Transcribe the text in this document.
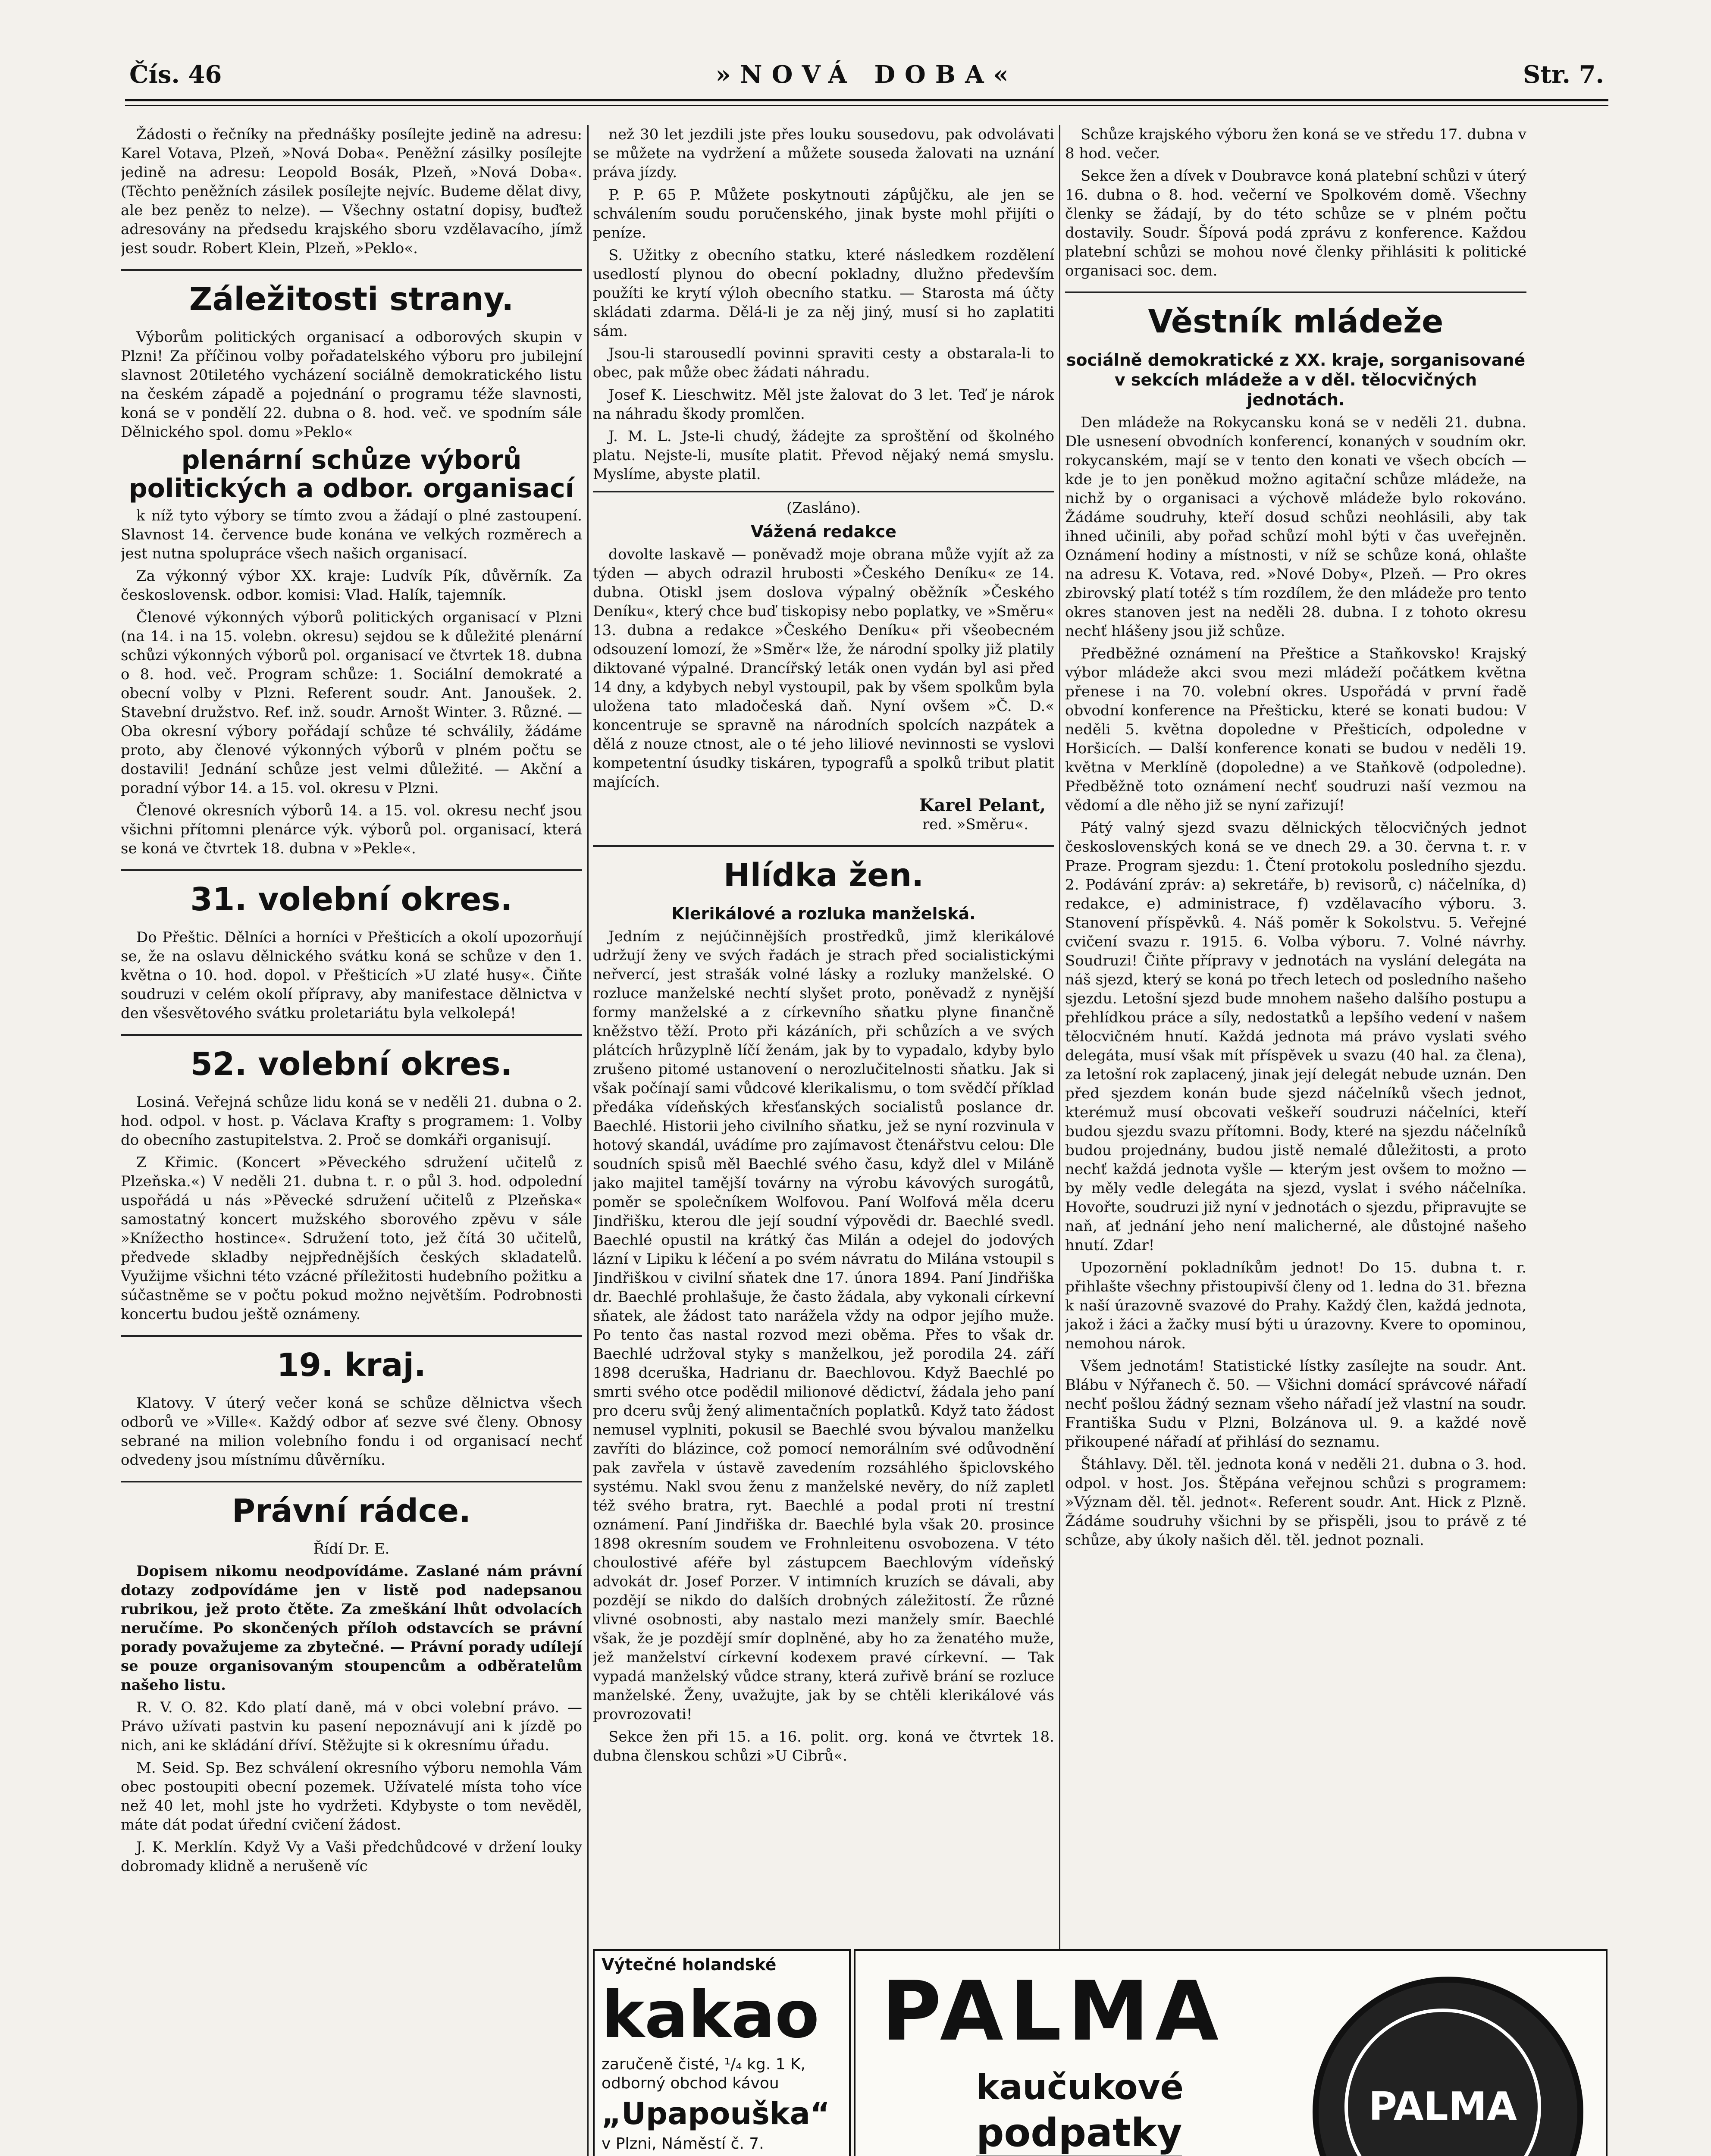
Čís. 46	»NOVÁ DOBA«	Str. 7.

Žádosti o řečníky na přednášky posílejte jedině na adresu: Karel Votava, Plzeň, »Nová Doba«. Peněžní zásilky posílejte jedině na adresu: Leopold Bosák, Plzeň, »Nová Doba«. (Těchto peněžních zásilek posílejte nejvíc. Budeme dělat divy, ale bez peněz to nelze). — Všechny ostatní dopisy, buďtež adresovány na předsedu krajského sboru vzdělavacího, jímž jest soudr. Robert Klein, Plzeň, »Peklo«.

Záležitosti strany.

Výborům politických organisací a odborových skupin v Plzni! Za příčinou volby pořadatelského výboru pro jubilejní slavnost 20tiletého vycházení sociálně demokratického listu na českém západě a pojednání o programu téže slavnosti, koná se v pondělí 22. dubna o 8. hod. več. ve spodním sále Dělnického spol. domu »Peklo«

plenární schůze výborů politických a odbor. organisací

k níž tyto výbory se tímto zvou a žádají o plné zastoupení. Slavnost 14. července bude konána ve velkých rozměrech a jest nutna spolupráce všech našich organisací.

Za výkonný výbor XX. kraje: Ludvík Pík, důvěrník. Za československ. odbor. komisi: Vlad. Halík, tajemník.

Členové výkonných výborů politických organisací v Plzni (na 14. i na 15. volebn. okresu) sejdou se k důležité plenární schůzi výkonných výborů pol. organisací ve čtvrtek 18. dubna o 8. hod. več. Program schůze: 1. Sociální demokraté a obecní volby v Plzni. Referent soudr. Ant. Janoušek. 2. Stavební družstvo. Ref. inž. soudr. Arnošt Winter. 3. Různé. — Oba okresní výbory pořádají schůze té schválily, žádáme proto, aby členové výkonných výborů v plném počtu se dostavili! Jednání schůze jest velmi důležité. — Akční a poradní výbor 14. a 15. vol. okresu v Plzni.

Členové okresních výborů 14. a 15. vol. okresu nechť jsou všichni přítomni plenárce výk. výborů pol. organisací, která se koná ve čtvrtek 18. dubna v »Pekle«.

31. volební okres.

Do Přeštic. Dělníci a horníci v Přešticích a okolí upozorňují se, že na oslavu dělnického svátku koná se schůze v den 1. května o 10. hod. dopol. v Přešticích »U zlaté husy«. Čiňte soudruzi v celém okolí přípravy, aby manifestace dělnictva v den všesvětového svátku proletariátu byla velkolepá!

52. volební okres.

Losiná. Veřejná schůze lidu koná se v neděli 21. dubna o 2. hod. odpol. v host. p. Václava Krafty s programem: 1. Volby do obecního zastupitelstva. 2. Proč se domkáři organisují.

Z Křimic. (Koncert »Pěveckého sdružení učitelů z Plzeňska.«) V neděli 21. dubna t. r. o půl 3. hod. odpolední uspořádá u nás »Pěvecké sdružení učitelů z Plzeňska« samostatný koncert mužského sborového zpěvu v sále »Knížectho hostince«. Sdružení toto, jež čítá 30 učitelů, předvede skladby nejpřednějších českých skladatelů. Využijme všichni této vzácné příležitosti hudebního požitku a súčastněme se v počtu pokud možno největším. Podrobnosti koncertu budou ještě oznámeny.

19. kraj.

Klatovy. V úterý večer koná se schůze dělnictva všech odborů ve »Ville«. Každý odbor ať sezve své členy. Obnosy sebrané na milion volebního fondu i od organisací nechť odvedeny jsou místnímu důvěrníku.

Právní rádce.

Řídí Dr. E.

Dopisem nikomu neodpovídáme. Zaslané nám právní dotazy zodpovídáme jen v listě pod nadepsanou rubrikou, jež proto čtěte. Za zmeškání lhůt odvolacích neručíme. Po skončených příloh odstavcích se právní porady považujeme za zbytečné. — Právní porady udílejí se pouze organisovaným stoupencům a odběratelům našeho listu.

R. V. O. 82. Kdo platí daně, má v obci volební právo. — Právo užívati pastvin ku pasení nepoznávují ani k jízdě po nich, ani ke skládání dříví. Stěžujte si k okresnímu úřadu.

M. Seid. Sp. Bez schválení okresního výboru nemohla Vám obec postoupiti obecní pozemek. Užívatelé místa toho více než 40 let, mohl jste ho vydržeti. Kdybyste o tom nevěděl, máte dát podat úřední cvičení žádost.

J. K. Merklín. Když Vy a Vaši předchůdcové v držení louky dobromady klidně a nerušeně víc

než 30 let jezdili jste přes louku sousedovu, pak odvolávati se můžete na vydržení a můžete souseda žalovati na uznání práva jízdy.

P. P. 65 P. Můžete poskytnouti zápůjčku, ale jen se schválením soudu poručenského, jinak byste mohl přijíti o peníze.

S. Užitky z obecního statku, které následkem rozdělení usedlostí plynou do obecní pokladny, dlužno především použíti ke krytí výloh obecního statku. — Starosta má účty skládati zdarma. Dělá-li je za něj jiný, musí si ho zaplatiti sám.

Jsou-li starousedlí povinni spraviti cesty a obstarala-li to obec, pak může obec žádati náhradu.

Josef K. Lieschwitz. Měl jste žalovat do 3 let. Teď je nárok na náhradu škody promlčen.

J. M. L. Jste-li chudý, žádejte za sproštění od školného platu. Nejste-li, musíte platit. Převod nějaký nemá smyslu. Myslíme, abyste platil.

(Zasláno).

Vážená redakce

dovolte laskavě — poněvadž moje obrana může vyjít až za týden — abych odrazil hrubosti »Českého Deníku« ze 14. dubna. Otiskl jsem doslova výpalný oběžník »Českého Deníku«, který chce buď tiskopisy nebo poplatky, ve »Směru« 13. dubna a redakce »Českého Deníku« při všeobecném odsouzení lomozí, že »Směr« lže, že národní spolky již platily diktované výpalné. Drancířský leták onen vydán byl asi před 14 dny, a kdybych nebyl vystoupil, pak by všem spolkům byla uložena tato mladočeská daň. Nyní ovšem »Č. D.« koncentruje se spravně na národních spolcích nazpátek a dělá z nouze ctnost, ale o té jeho liliové nevinnosti se vyslovi kompetentní úsudky tiskáren, typografů a spolků tribut platit majících.

Karel Pelant,
red. »Směru«.
Hlídka žen.
Klerikálové a rozluka manželská.

Jedním z nejúčinnějších prostředků, jimž klerikálové udržují ženy ve svých řadách je strach před socialistickými neřvercí, jest strašák volné lásky a rozluky manželské. O rozluce manželské nechtí slyšet proto, poněvadž z nynější formy manželské a z církevního sňatku plyne finančně kněžstvo těží. Proto při kázáních, při schůzích a ve svých plátcích hrůzyplně líčí ženám, jak by to vypadalo, kdyby bylo zrušeno pitomé ustanovení o nerozlučitelnosti sňatku. Jak si však počínají sami vůdcové klerikalismu, o tom svědčí příklad předáka vídeňských křesťanských socialistů poslance dr. Baechlé. Historii jeho civilního sňatku, jež se nyní rozvinula v hotový skandál, uvádíme pro zajímavost čtenářstvu celou: Dle soudních spisů měl Baechlé svého času, když dlel v Miláně jako majitel tamější továrny na výrobu kávových surogátů, poměr se společníkem Wolfovou. Paní Wolfová měla dceru Jindřišku, kterou dle její soudní výpovědi dr. Baechlé svedl. Baechlé opustil na krátký čas Milán a odejel do jodových lázní v Lipiku k léčení a po svém návratu do Milána vstoupil s Jindřiškou v civilní sňatek dne 17. února 1894. Paní Jindřiška dr. Baechlé prohlašuje, že často žádala, aby vykonali církevní sňatek, ale žádost tato narážela vždy na odpor jejího muže. Po tento čas nastal rozvod mezi oběma. Přes to však dr. Baechlé udržoval styky s manželkou, jež porodila 24. září 1898 dceruška, Hadrianu dr. Baechlovou. Když Baechlé po smrti svého otce podědil milionové dědictví, žádala jeho paní pro dceru svůj žený alimentačních poplatků. Když tato žádost nemusel vyplniti, pokusil se Baechlé svou bývalou manželku zavříti do blázince, což pomocí nemorálním své odůvodnění pak zavřela v ústavě zavedením rozsáhlého špiclovského systému. Nakl svou ženu z manželské nevěry, do níž zapletl též svého bratra, ryt. Baechlé a podal proti ní trestní oznámení. Paní Jindřiška dr. Baechlé byla však 20. prosince 1898 okresním soudem ve Frohnleitenu osvobozena. V této choulostivé aféře byl zástupcem Baechlovým vídeňský advokát dr. Josef Porzer. V intimních kruzích se dávali, aby pozdějí se nikdo do dalších drobných záležitostí. Že různé vlivné osobnosti, aby nastalo mezi manžely smír. Baechlé však, že je pozdějí smír doplněné, aby ho za ženatého muže, jež manželství církevní kodexem pravé církevní. — Tak vypadá manželský vůdce strany, která zuřivě brání se rozluce manželské. Ženy, uvažujte, jak by se chtěli klerikálové vás provrozovati!

Sekce žen při 15. a 16. polit. org. koná ve čtvrtek 18. dubna členskou schůzi »U Cibrů«.

Schůze krajského výboru žen koná se ve středu 17. dubna v 8 hod. večer.

Sekce žen a dívek v Doubravce koná platební schůzi v úterý 16. dubna o 8. hod. večerní ve Spolkovém domě. Všechny členky se žádají, by do této schůze se v plném počtu dostavily. Soudr. Šípová podá zprávu z konference. Každou platební schůzi se mohou nové členky přihlásiti k politické organisaci soc. dem.

Věstník mládeže
sociálně demokratické z XX. kraje, sorganisované v sekcích mládeže a v děl. tělocvičných jednotách.

Den mládeže na Rokycansku koná se v neděli 21. dubna. Dle usnesení obvodních konferencí, konaných v soudním okr. rokycanském, mají se v tento den konati ve všech obcích — kde je to jen poněkud možno agitační schůze mládeže, na nichž by o organisaci a výchově mládeže bylo rokováno. Žádáme soudruhy, kteří dosud schůzi neohlásili, aby tak ihned učinili, aby pořad schůzí mohl býti v čas uveřejněn. Oznámení hodiny a místnosti, v níž se schůze koná, ohlašte na adresu K. Votava, red. »Nové Doby«, Plzeň. — Pro okres zbirovský platí totéž s tím rozdílem, že den mládeže pro tento okres stanoven jest na neděli 28. dubna. I z tohoto okresu nechť hlášeny jsou již schůze.

Předběžné oznámení na Přeštice a Staňkovsko! Krajský výbor mládeže akci svou mezi mládeží počátkem května přenese i na 70. volební okres. Uspořádá v první řadě obvodní konference na Přešticku, které se konati budou: V neděli 5. května dopoledne v Přešticích, odpoledne v Horšicích. — Další konference konati se budou v neděli 19. května v Merklíně (dopoledne) a ve Staňkově (odpoledne). Předběžně toto oznámení nechť soudruzi naší vezmou na vědomí a dle něho již se nyní zařizují!

Pátý valný sjezd svazu dělnických tělocvičných jednot československých koná se ve dnech 29. a 30. června t. r. v Praze. Program sjezdu: 1. Čtení protokolu posledního sjezdu. 2. Podávání zpráv: a) sekretáře, b) revisorů, c) náčelníka, d) redakce, e) administrace, f) vzdělavacího výboru. 3. Stanovení příspěvků. 4. Náš poměr k Sokolstvu. 5. Veřejné cvičení svazu r. 1915. 6. Volba výboru. 7. Volné návrhy. Soudruzi! Čiňte přípravy v jednotách na vyslání delegáta na náš sjezd, který se koná po třech letech od posledního našeho sjezdu. Letošní sjezd bude mnohem našeho dalšího postupu a přehlídkou práce a síly, nedostatků a lepšího vedení v našem tělocvičném hnutí. Každá jednota má právo vyslati svého delegáta, musí však mít příspěvek u svazu (40 hal. za člena), za letošní rok zaplacený, jinak její delegát nebude uznán. Den před sjezdem konán bude sjezd náčelníků všech jednot, kterémuž musí obcovati veškeří soudruzi náčelníci, kteří budou sjezdu svazu přítomni. Body, které na sjezdu náčelníků budou projednány, budou jistě nemalé důležitosti, a proto nechť každá jednota vyšle — kterým jest ovšem to možno — by měly vedle delegáta na sjezd, vyslat i svého náčelníka. Hovořte, soudruzi již nyní v jednotách o sjezdu, připravujte se naň, ať jednání jeho není malicherné, ale důstojné našeho hnutí. Zdar!

Upozornění pokladníkům jednot! Do 15. dubna t. r. přihlašte všechny přistoupivší členy od 1. ledna do 31. března k naší úrazovně svazové do Prahy. Každý člen, každá jednota, jakož i žáci a žačky musí býti u úrazovny. Kvere to opominou, nemohou nárok.

Všem jednotám! Statistické lístky zasílejte na soudr. Ant. Blábu v Nýřanech č. 50. — Všichni domácí správcové nářadí nechť pošlou žádný seznam všeho nářadí jež vlastní na soudr. Františka Sudu v Plzni, Bolzánova ul. 9. a každé nově přikoupené nářadí ať přihlásí do seznamu.

Štáhlavy. Děl. těl. jednota koná v neděli 21. dubna o 3. hod. odpol. v host. Jos. Štěpána veřejnou schůzi s programem: »Význam děl. těl. jednot«. Referent soudr. Ant. Hick z Plzně. Žádáme soudruhy všichni by se přispěli, jsou to právě z té schůze, aby úkoly našich děl. těl. jednot poznali.

Výtečné holandské
kakao
zaručeně čisté, ¹/₄ kg. 1 K, odborný obchod kávou
„Upapouška“
v Plzni, Náměstí č. 7.
PALMA
kaučukové
podpatky
PALMA
